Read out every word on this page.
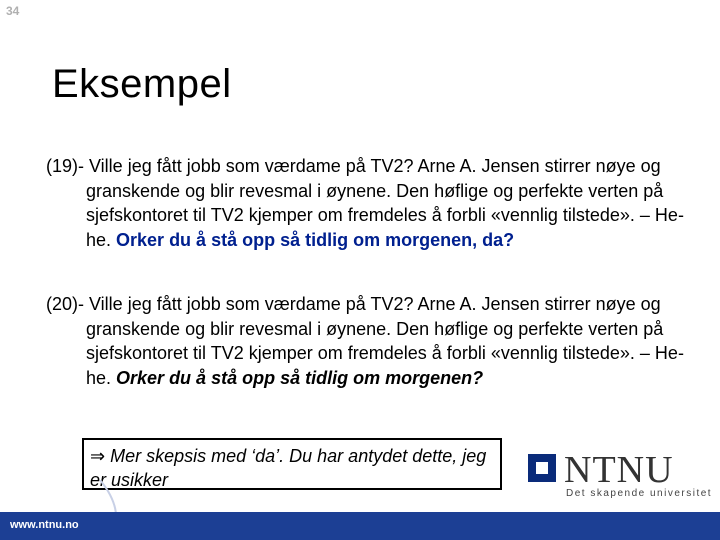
34
Eksempel
(19)- Ville jeg fått jobb som værdame på TV2? Arne A. Jensen stirrer nøye og granskende og blir revesmal i øynene. Den høflige og perfekte verten på sjefskontoret til TV2 kjemper om fremdeles å forbli «vennlig tilstede». – He-he. Orker du å stå opp så tidlig om morgenen, da?
(20)- Ville jeg fått jobb som værdame på TV2? Arne A. Jensen stirrer nøye og granskende og blir revesmal i øynene. Den høflige og perfekte verten på sjefskontoret til TV2 kjemper om fremdeles å forbli «vennlig tilstede». – He-he. Orker du å stå opp så tidlig om morgenen?
⇒ Mer skepsis med ‘da’. Du har antydet dette, jeg er usikker	NTNU
Det skapende universitet
www.ntnu.no
